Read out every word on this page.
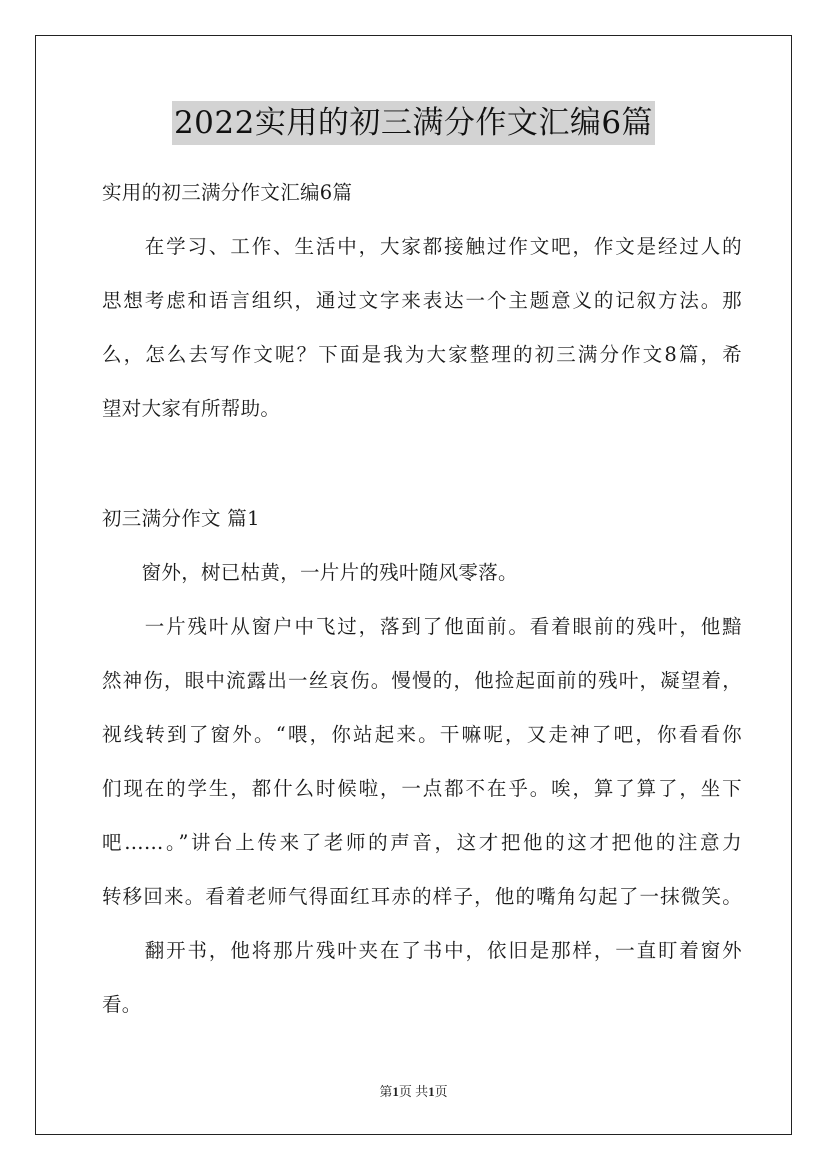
2022实用的初三满分作文汇编6篇
实用的初三满分作文汇编6篇
　　在学习、工作、生活中，大家都接触过作文吧，作文是经过人的
思想考虑和语言组织，通过文字来表达一个主题意义的记叙方法。那
么，怎么去写作文呢？下面是我为大家整理的初三满分作文8篇，希
望对大家有所帮助。
初三满分作文 篇1
　　窗外，树已枯黄，一片片的残叶随风零落。
　　一片残叶从窗户中飞过，落到了他面前。看着眼前的残叶，他黯
然神伤，眼中流露出一丝哀伤。慢慢的，他捡起面前的残叶，凝望着，
视线转到了窗外。“喂，你站起来。干嘛呢，又走神了吧，你看看你
们现在的学生，都什么时候啦，一点都不在乎。唉，算了算了，坐下
吧……。”讲台上传来了老师的声音，这才把他的这才把他的注意力
转移回来。看着老师气得面红耳赤的样子，他的嘴角勾起了一抹微笑。
　　翻开书，他将那片残叶夹在了书中，依旧是那样，一直盯着窗外
看。
第1页 共1页
